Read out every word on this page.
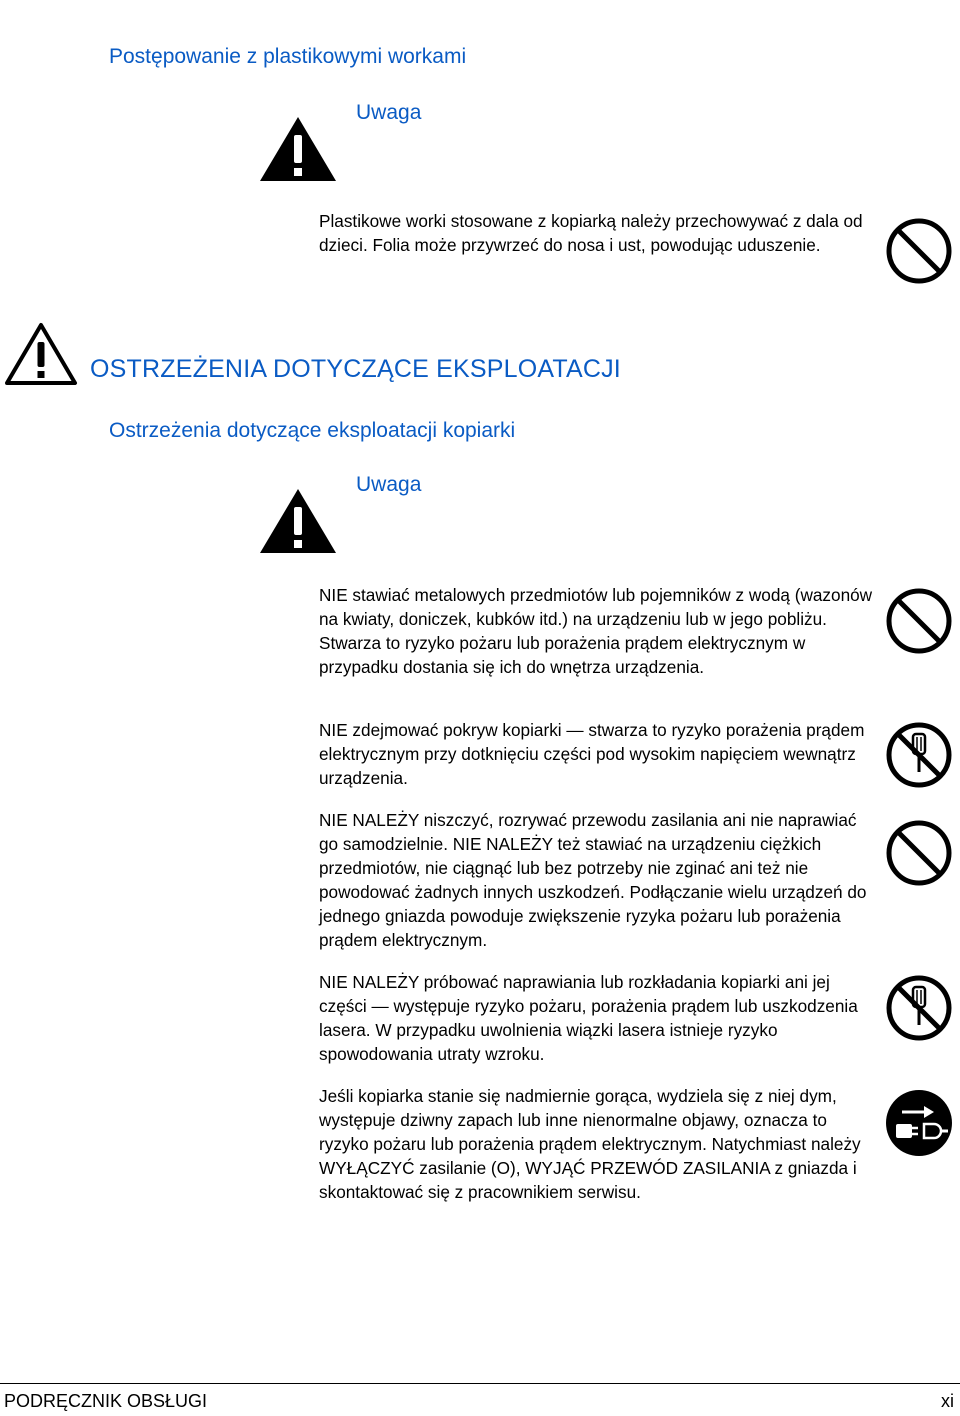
Postępowanie z plastikowymi workami
Uwaga
Plastikowe worki stosowane z kopiarką należy przechowywać z dala od dzieci. Folia może przywrzeć do nosa i ust, powodując uduszenie.
OSTRZEŻENIA DOTYCZĄCE EKSPLOATACJI
Ostrzeżenia dotyczące eksploatacji kopiarki
Uwaga
NIE stawiać metalowych przedmiotów lub pojemników z wodą (wazonów na kwiaty, doniczek, kubków itd.) na urządzeniu lub w jego pobliżu. Stwarza to ryzyko pożaru lub porażenia prądem elektrycznym w przypadku dostania się ich do wnętrza urządzenia.
NIE zdejmować pokryw kopiarki — stwarza to ryzyko porażenia prądem elektrycznym przy dotknięciu części pod wysokim napięciem wewnątrz urządzenia.
NIE NALEŻY niszczyć, rozrywać przewodu zasilania ani nie naprawiać go samodzielnie. NIE NALEŻY też stawiać na urządzeniu ciężkich przedmiotów, nie ciągnąć lub bez potrzeby nie zginać ani też nie powodować żadnych innych uszkodzeń. Podłączanie wielu urządzeń do jednego gniazda powoduje zwiększenie ryzyka pożaru lub porażenia prądem elektrycznym.
NIE NALEŻY próbować naprawiania lub rozkładania kopiarki ani jej części — występuje ryzyko pożaru, porażenia prądem lub uszkodzenia lasera. W przypadku uwolnienia wiązki lasera istnieje ryzyko spowodowania utraty wzroku.
Jeśli kopiarka stanie się nadmiernie gorąca, wydziela się z niej dym, występuje dziwny zapach lub inne nienormalne objawy, oznacza to ryzyko pożaru lub porażenia prądem elektrycznym. Natychmiast należy WYŁĄCZYĆ zasilanie (O), WYJĄĆ PRZEWÓD ZASILANIA z gniazda i skontaktować się z pracownikiem serwisu.
PODRĘCZNIK OBSŁUGI	xi
